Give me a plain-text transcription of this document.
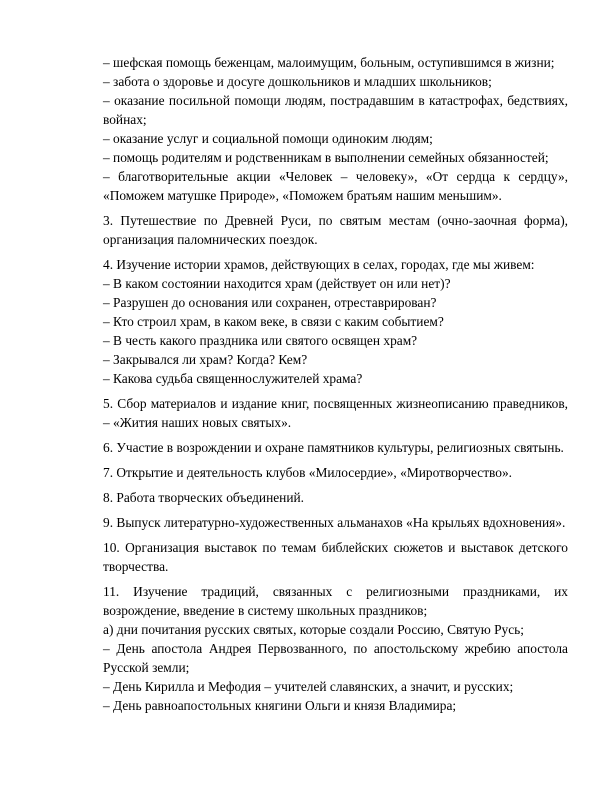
– шефская помощь беженцам, малоимущим, больным, оступившимся в жизни;

– забота о здоровье и досуге дошкольников и младших школьников;

– оказание посильной помощи людям, пострадавшим в катастрофах, бедствиях, войнах;

– оказание услуг и социальной помощи одиноким людям;

– помощь родителям и родственникам в выполнении семейных обязанностей;

– благотворительные акции «Человек – человеку», «От сердца к сердцу», «Поможем матушке Природе», «Поможем братьям нашим меньшим».

3. Путешествие по Древней Руси, по святым местам (очно-заочная форма), организация паломнических поездок.

4. Изучение истории храмов, действующих в селах, городах, где мы живем:

– В каком состоянии находится храм (действует он или нет)?

– Разрушен до основания или сохранен, отреставрирован?

– Кто строил храм, в каком веке, в связи с каким событием?

– В честь какого праздника или святого освящен храм?

– Закрывался ли храм? Когда? Кем?

– Какова судьба священнослужителей храма?

5. Сбор материалов и издание книг, посвященных жизнеописанию праведников, – «Жития наших новых святых».

6. Участие в возрождении и охране памятников культуры, религиозных святынь.

7. Открытие и деятельность клубов «Милосердие», «Миротворчество».

8. Работа творческих объединений.

9. Выпуск литературно-художественных альманахов «На крыльях вдохновения».

10. Организация выставок по темам библейских сюжетов и выставок детского творчества.

11. Изучение традиций, связанных с религиозными праздниками, их возрождение, введение в систему школьных праздников;

а) дни почитания русских святых, которые создали Россию, Святую Русь;

– День апостола Андрея Первозванного, по апостольскому жребию апостола Русской земли;

– День Кирилла и Мефодия – учителей славянских, а значит, и русских;

– День равноапостольных княгини Ольги и князя Владимира;
